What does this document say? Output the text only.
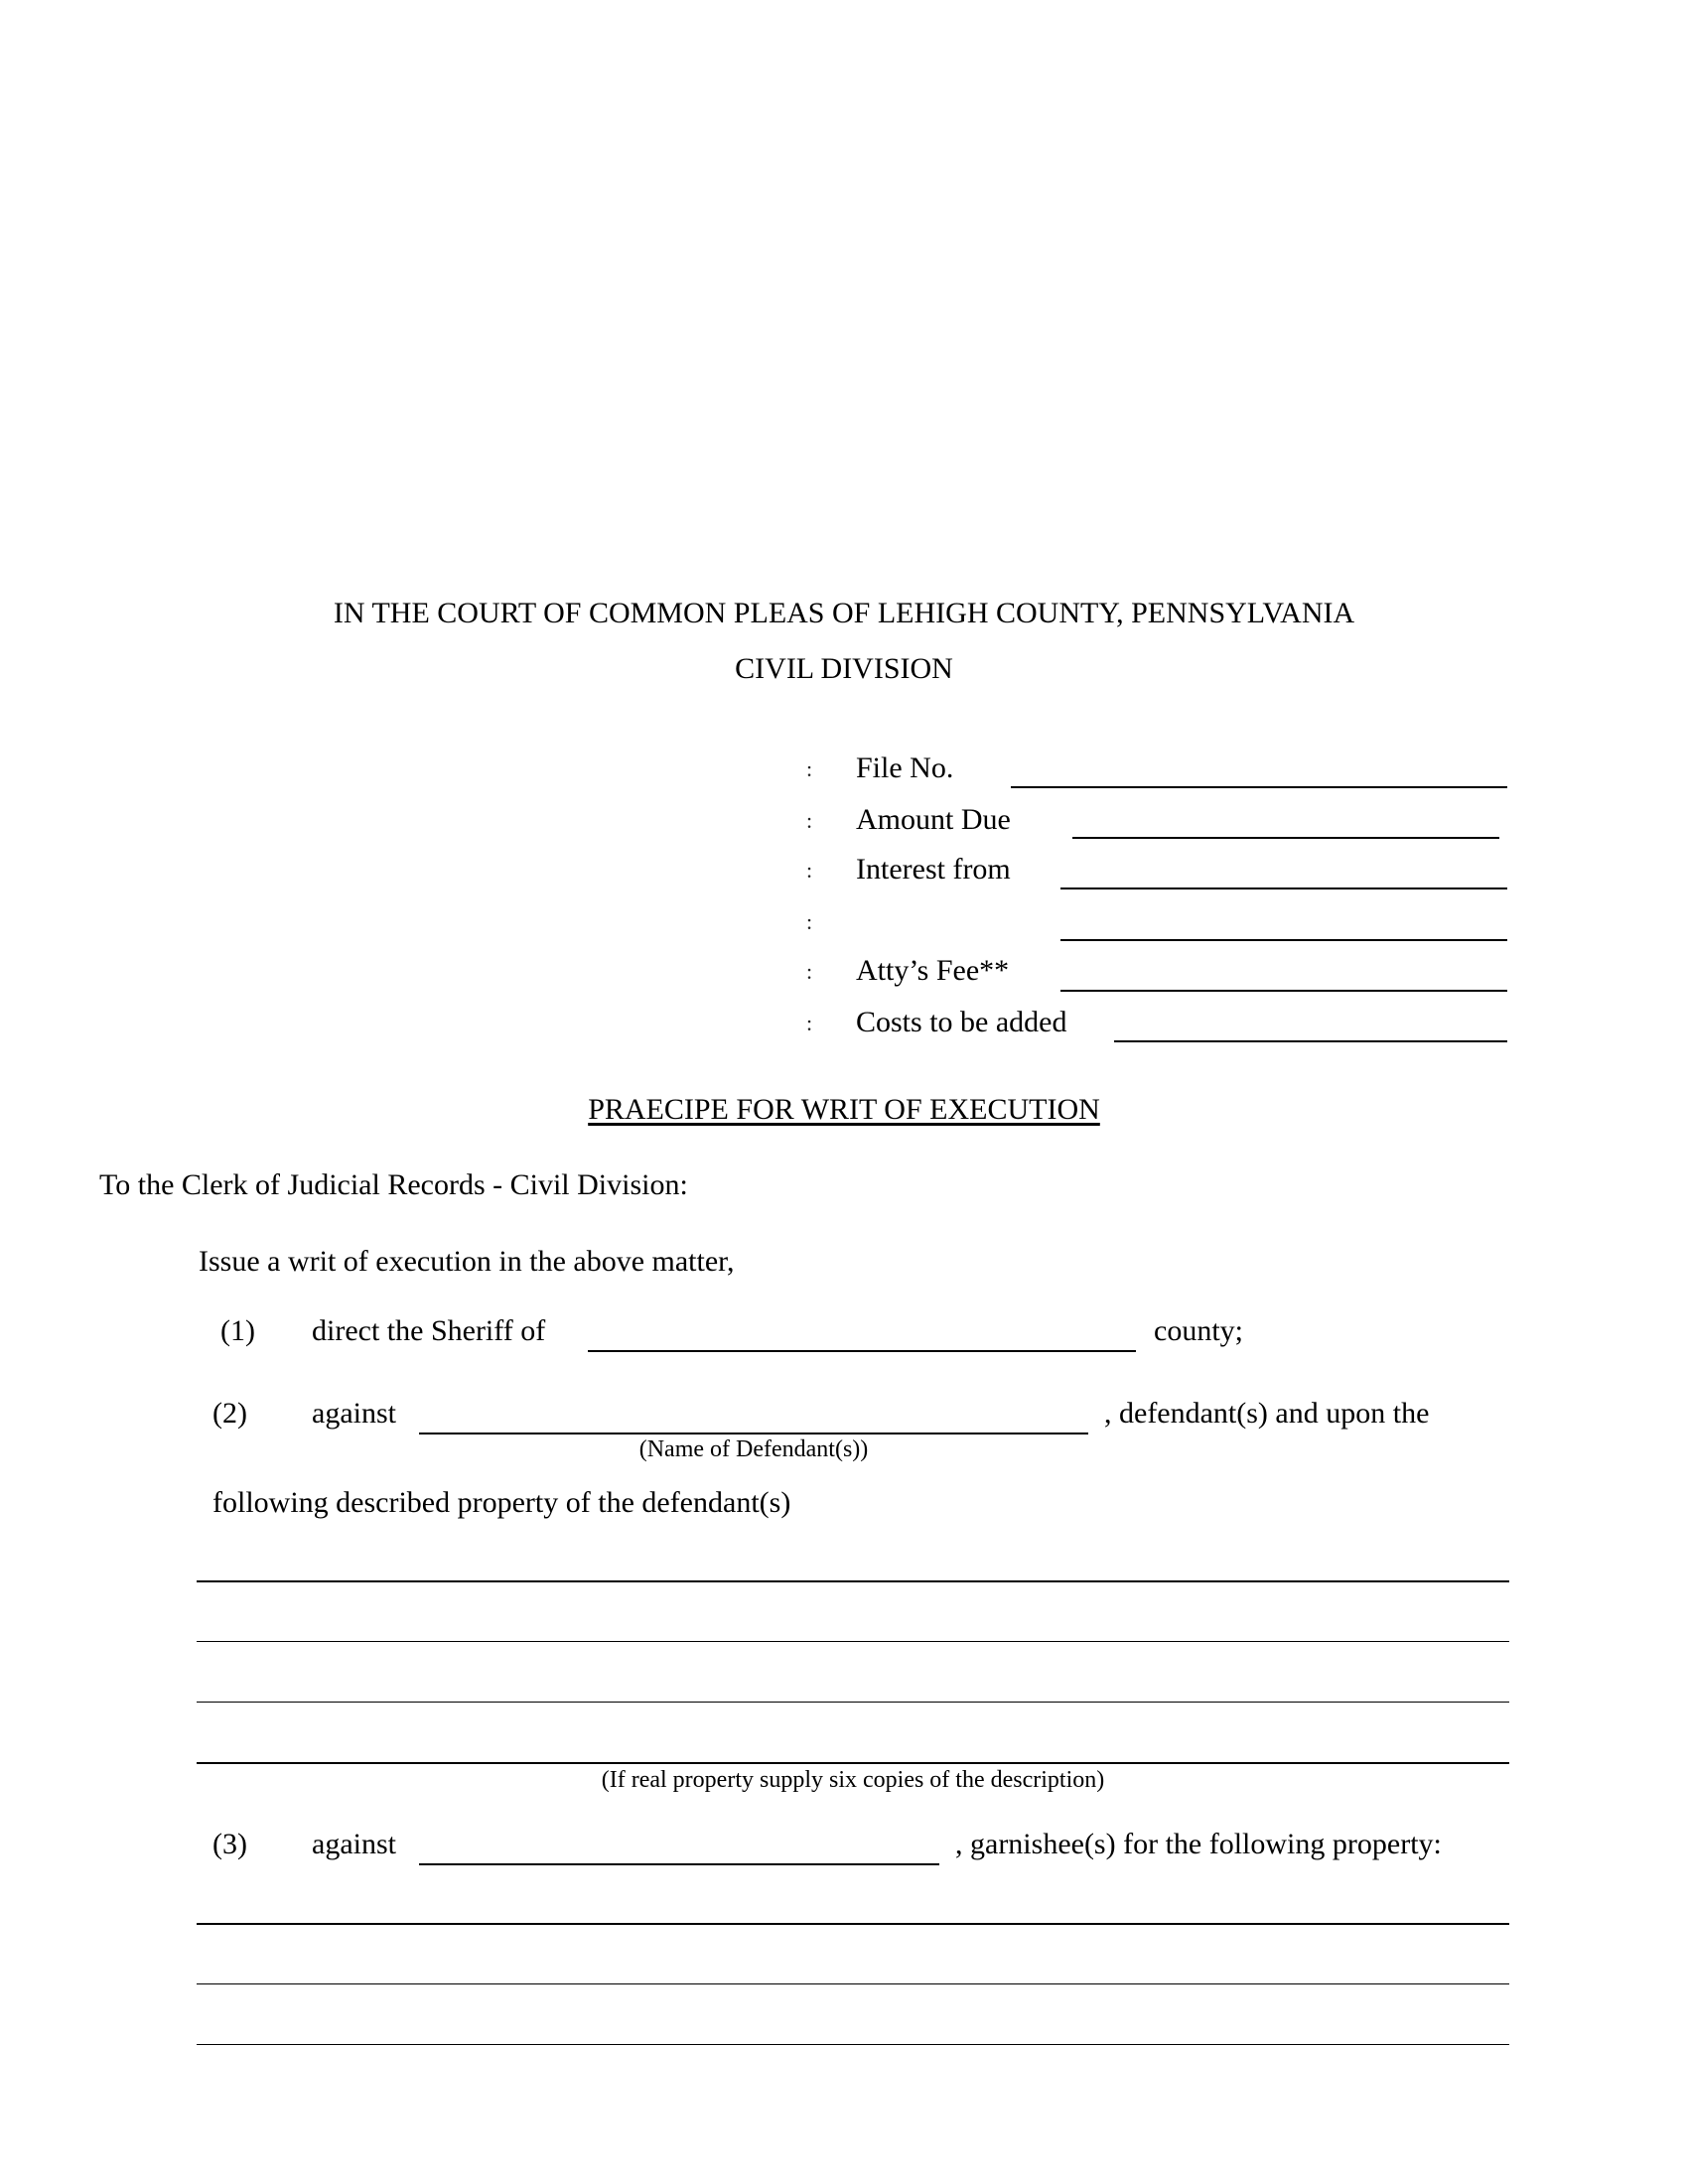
IN THE COURT OF COMMON PLEAS OF LEHIGH COUNTY, PENNSYLVANIA
CIVIL DIVISION
: File No.
: Amount Due
: Interest from
:
: Atty’s Fee**
: Costs to be added
PRAECIPE FOR WRIT OF EXECUTION
To the Clerk of Judicial Records - Civil Division:
Issue a writ of execution in the above matter,
(1) direct the Sheriff of	county;
(2) against	, defendant(s) and upon the
(Name of Defendant(s))
following described property of the defendant(s)
(If real property supply six copies of the description)
(3) against	, garnishee(s) for the following property:
